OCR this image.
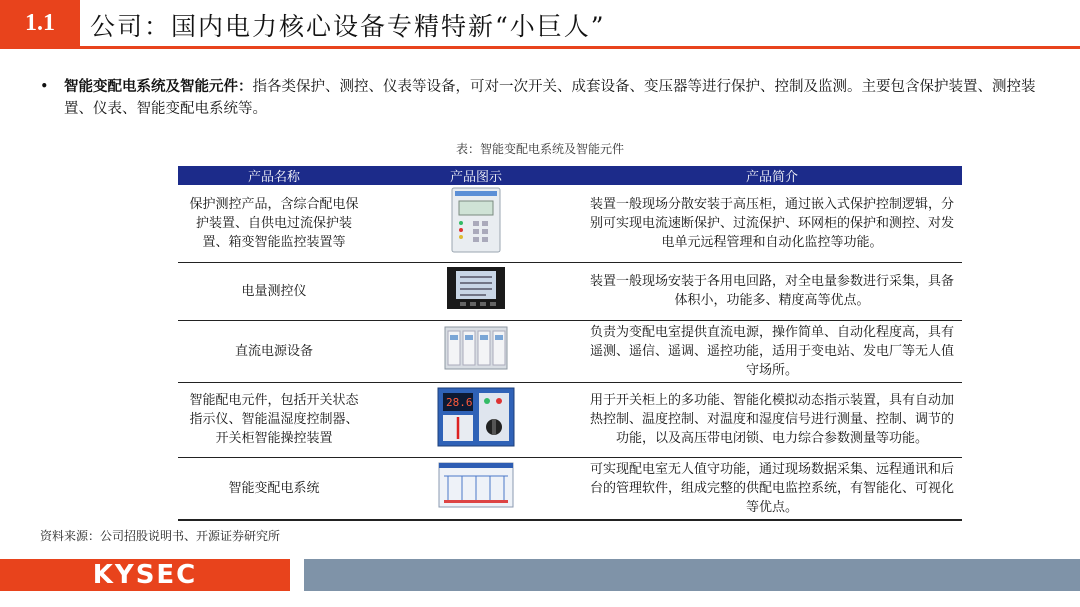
1.1	公司：国内电力核心设备专精特新“小巨人”
• 智能变配电系统及智能元件：指各类保护、测控、仪表等设备，可对一次开关、成套设备、变压器等进行保护、控制及监测。主要包含保护装置、测控装置、仪表、智能变配电系统等。
表：智能变配电系统及智能元件
产品名称	产品图示	产品简介
保护测控产品，含综合配电保护装置、自供电过流保护装置、箱变智能监控装置等		装置一般现场分散安装于高压柜，通过嵌入式保护控制逻辑，分别可实现电流速断保护、过流保护、环网柜的保护和测控、对发电单元远程管理和自动化监控等功能。
电量测控仪		装置一般现场安装于各用电回路，对全电量参数进行采集，具备体积小，功能多、精度高等优点。
直流电源设备		负责为变配电室提供直流电源，操作简单、自动化程度高，具有遥测、遥信、遥调、遥控功能，适用于变电站、发电厂等无人值守场所。
智能配电元件，包括开关状态指示仪、智能温湿度控制器、开关柜智能操控装置	28.6	用于开关柜上的多功能、智能化模拟动态指示装置，具有自动加热控制、温度控制、对温度和湿度信号进行测量、控制、调节的功能，以及高压带电闭锁、电力综合参数测量等功能。
智能变配电系统		可实现配电室无人值守功能，通过现场数据采集、远程通讯和后台的管理软件，组成完整的供配电监控系统，有智能化、可视化等优点。
资料来源：公司招股说明书、开源证券研究所
KYSEC
